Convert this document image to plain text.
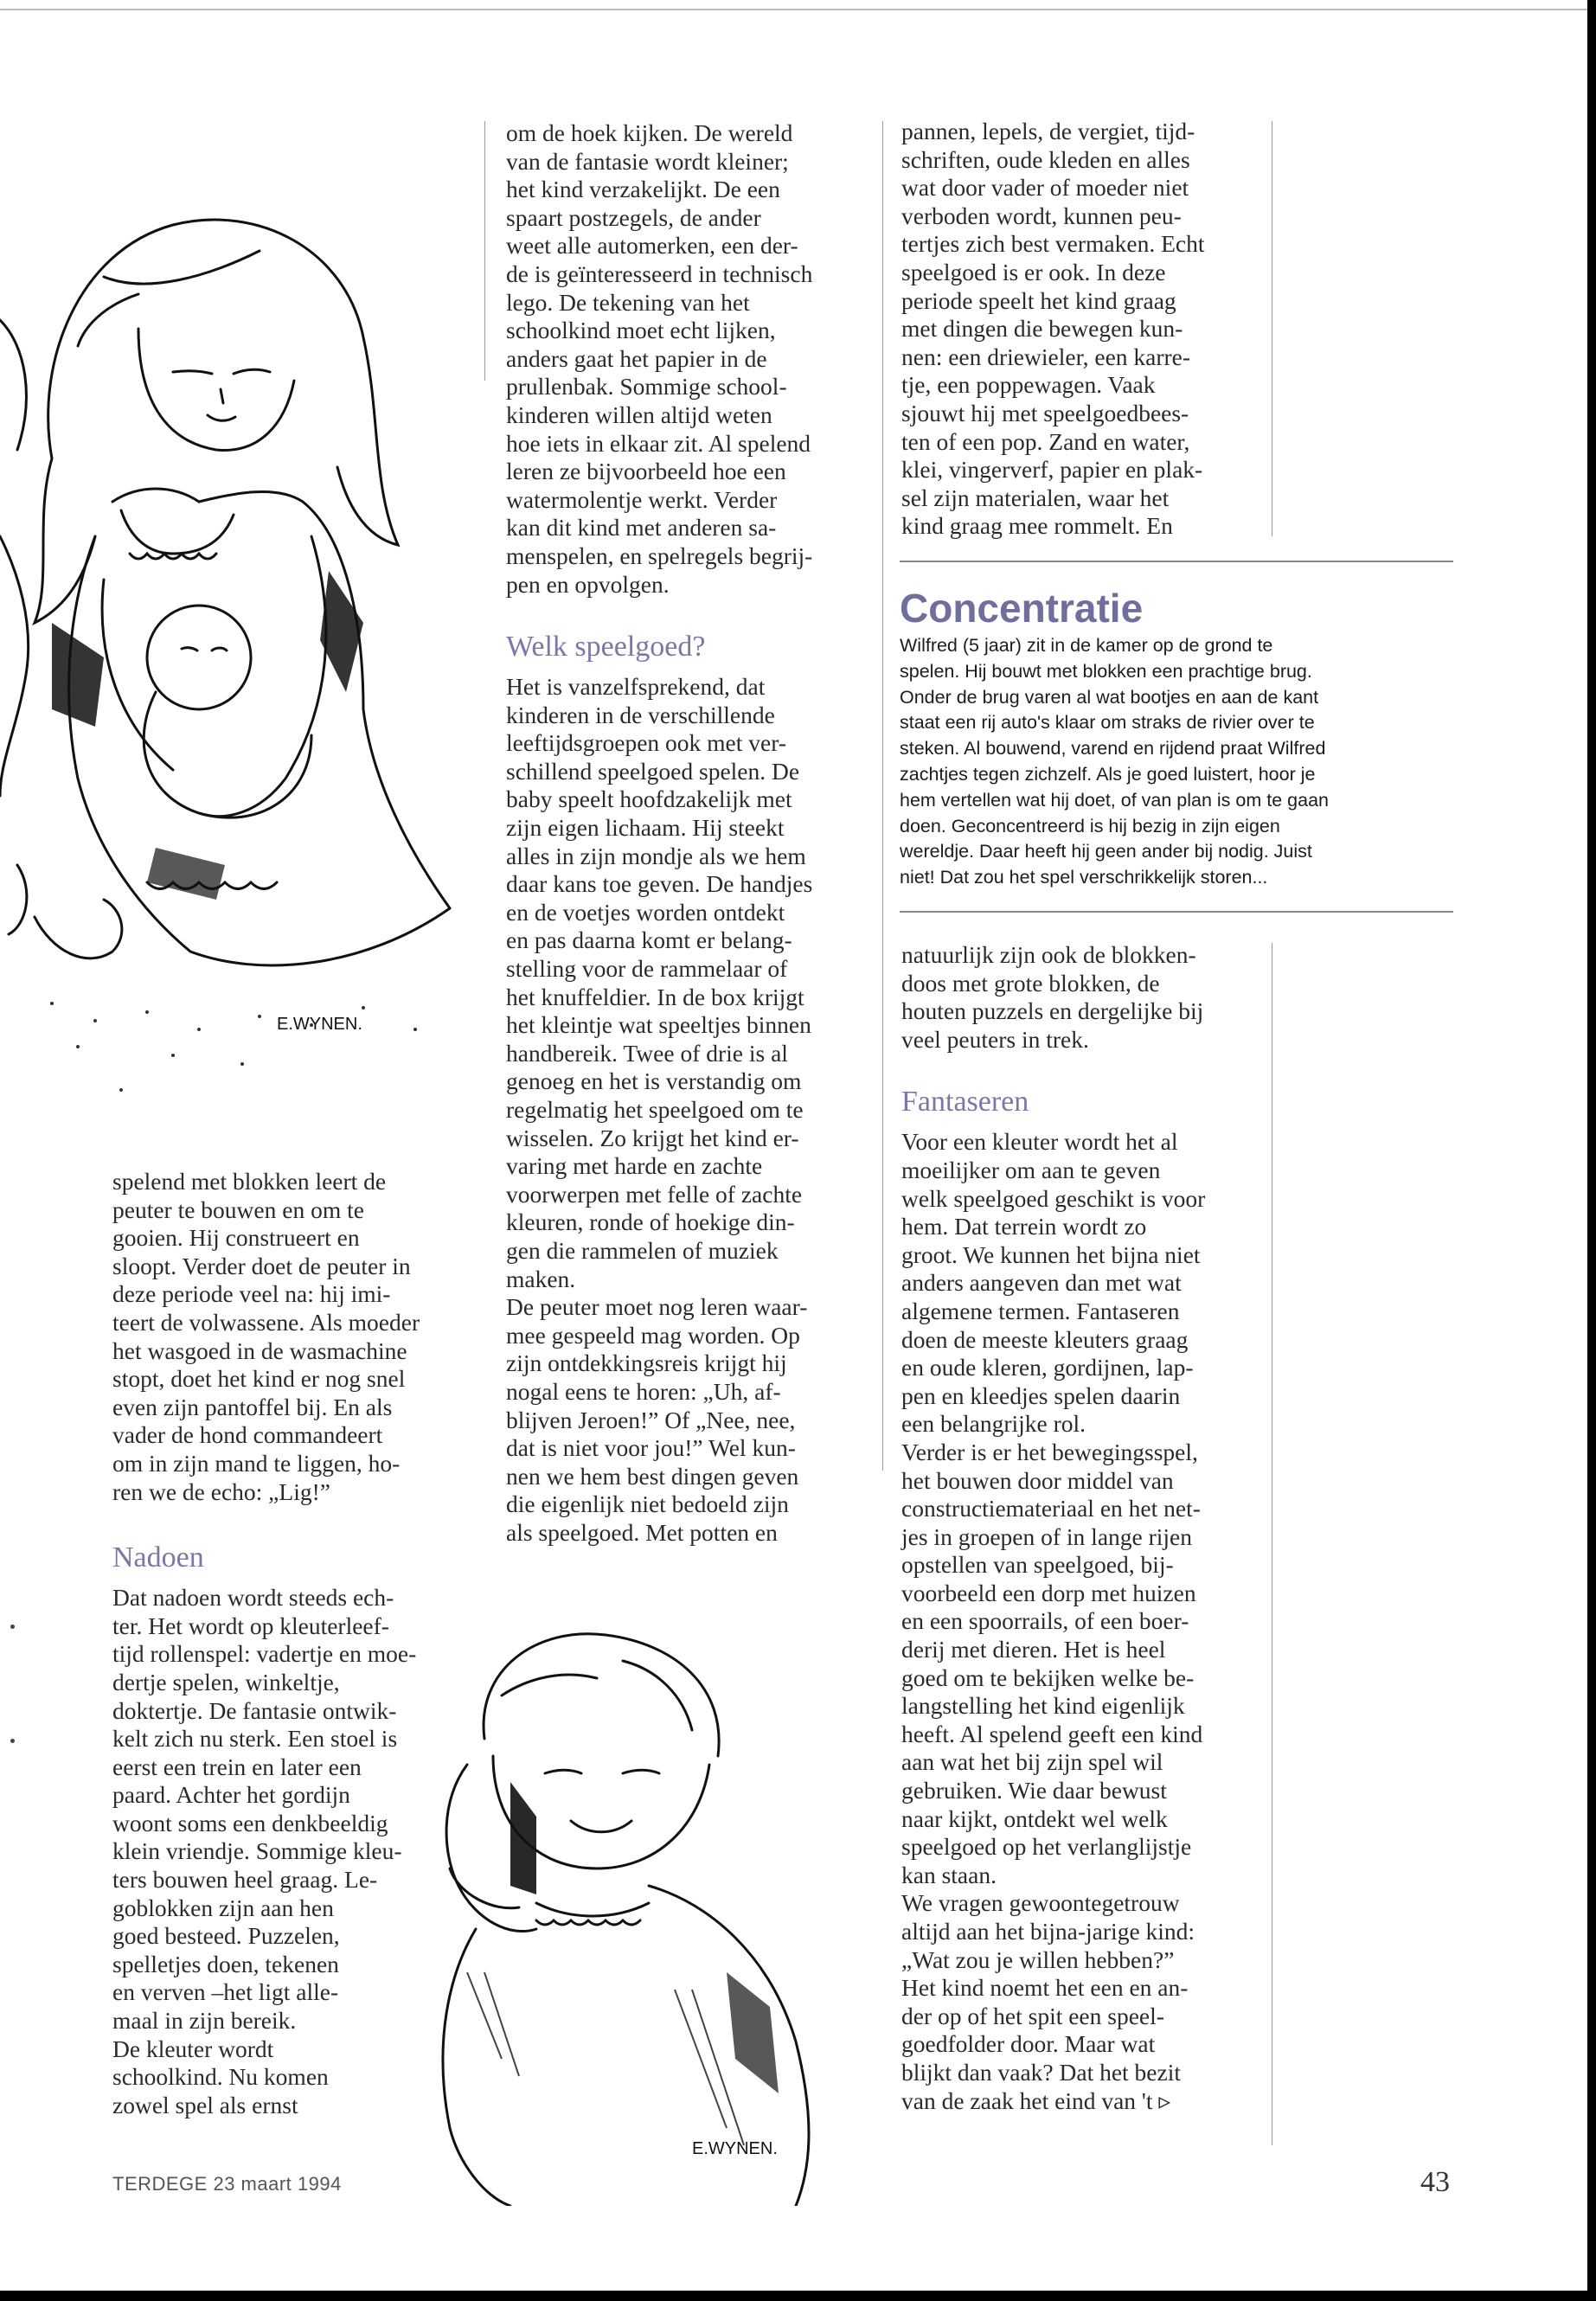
E.WYNEN.
E.WYNEN.

spelend met blokken leert de
peuter te bouwen en om te
gooien. Hij construeert en
sloopt. Verder doet de peuter in
deze periode veel na: hij imi-
teert de volwassene. Als moeder
het wasgoed in de wasmachine
stopt, doet het kind er nog snel
even zijn pantoffel bij. En als
vader de hond commandeert
om in zijn mand te liggen, ho-
ren we de echo: „Lig!”

Nadoen

Dat nadoen wordt steeds ech-
ter. Het wordt op kleuterleef-
tijd rollenspel: vadertje en moe-
dertje spelen, winkeltje,
doktertje. De fantasie ontwik-
kelt zich nu sterk. Een stoel is
eerst een trein en later een
paard. Achter het gordijn
woont soms een denkbeeldig
klein vriendje. Sommige kleu-
ters bouwen heel graag. Le-
goblokken zijn aan hen
goed besteed. Puzzelen,
spelletjes doen, tekenen
en verven –het ligt alle-
maal in zijn bereik.
De kleuter wordt
schoolkind. Nu komen
zowel spel als ernst

om de hoek kijken. De wereld
van de fantasie wordt kleiner;
het kind verzakelijkt. De een
spaart postzegels, de ander
weet alle automerken, een der-
de is geïnteresseerd in technisch
lego. De tekening van het
schoolkind moet echt lijken,
anders gaat het papier in de
prullenbak. Sommige school-
kinderen willen altijd weten
hoe iets in elkaar zit. Al spelend
leren ze bijvoorbeeld hoe een
watermolentje werkt. Verder
kan dit kind met anderen sa-
menspelen, en spelregels begrij-
pen en opvolgen.

Welk speelgoed?

Het is vanzelfsprekend, dat
kinderen in de verschillende
leeftijdsgroepen ook met ver-
schillend speelgoed spelen. De
baby speelt hoofdzakelijk met
zijn eigen lichaam. Hij steekt
alles in zijn mondje als we hem
daar kans toe geven. De handjes
en de voetjes worden ontdekt
en pas daarna komt er belang-
stelling voor de rammelaar of
het knuffeldier. In de box krijgt
het kleintje wat speeltjes binnen
handbereik. Twee of drie is al
genoeg en het is verstandig om
regelmatig het speelgoed om te
wisselen. Zo krijgt het kind er-
varing met harde en zachte
voorwerpen met felle of zachte
kleuren, ronde of hoekige din-
gen die rammelen of muziek
maken.
De peuter moet nog leren waar-
mee gespeeld mag worden. Op
zijn ontdekkingsreis krijgt hij
nogal eens te horen: „Uh, af-
blijven Jeroen!” Of „Nee, nee,
dat is niet voor jou!” Wel kun-
nen we hem best dingen geven
die eigenlijk niet bedoeld zijn
als speelgoed. Met potten en

pannen, lepels, de vergiet, tijd-
schriften, oude kleden en alles
wat door vader of moeder niet
verboden wordt, kunnen peu-
tertjes zich best vermaken. Echt
speelgoed is er ook. In deze
periode speelt het kind graag
met dingen die bewegen kun-
nen: een driewieler, een karre-
tje, een poppewagen. Vaak
sjouwt hij met speelgoedbees-
ten of een pop. Zand en water,
klei, vingerverf, papier en plak-
sel zijn materialen, waar het
kind graag mee rommelt. En

Concentratie

Wilfred (5 jaar) zit in de kamer op de grond te
spelen. Hij bouwt met blokken een prachtige brug.
Onder de brug varen al wat bootjes en aan de kant
staat een rij auto's klaar om straks de rivier over te
steken. Al bouwend, varend en rijdend praat Wilfred
zachtjes tegen zichzelf. Als je goed luistert, hoor je
hem vertellen wat hij doet, of van plan is om te gaan
doen. Geconcentreerd is hij bezig in zijn eigen
wereldje. Daar heeft hij geen ander bij nodig. Juist
niet! Dat zou het spel verschrikkelijk storen...

natuurlijk zijn ook de blokken-
doos met grote blokken, de
houten puzzels en dergelijke bij
veel peuters in trek.

Fantaseren

Voor een kleuter wordt het al
moeilijker om aan te geven
welk speelgoed geschikt is voor
hem. Dat terrein wordt zo
groot. We kunnen het bijna niet
anders aangeven dan met wat
algemene termen. Fantaseren
doen de meeste kleuters graag
en oude kleren, gordijnen, lap-
pen en kleedjes spelen daarin
een belangrijke rol.
Verder is er het bewegingsspel,
het bouwen door middel van
constructiemateriaal en het net-
jes in groepen of in lange rijen
opstellen van speelgoed, bij-
voorbeeld een dorp met huizen
en een spoorrails, of een boer-
derij met dieren. Het is heel
goed om te bekijken welke be-
langstelling het kind eigenlijk
heeft. Al spelend geeft een kind
aan wat het bij zijn spel wil
gebruiken. Wie daar bewust
naar kijkt, ontdekt wel welk
speelgoed op het verlanglijstje
kan staan.
We vragen gewoontegetrouw
altijd aan het bijna-jarige kind:
„Wat zou je willen hebben?”
Het kind noemt het een en an-
der op of het spit een speel-
goedfolder door. Maar wat
blijkt dan vaak? Dat het bezit
van de zaak het eind van 't ▹

TERDEGE 23 maart 1994	43
